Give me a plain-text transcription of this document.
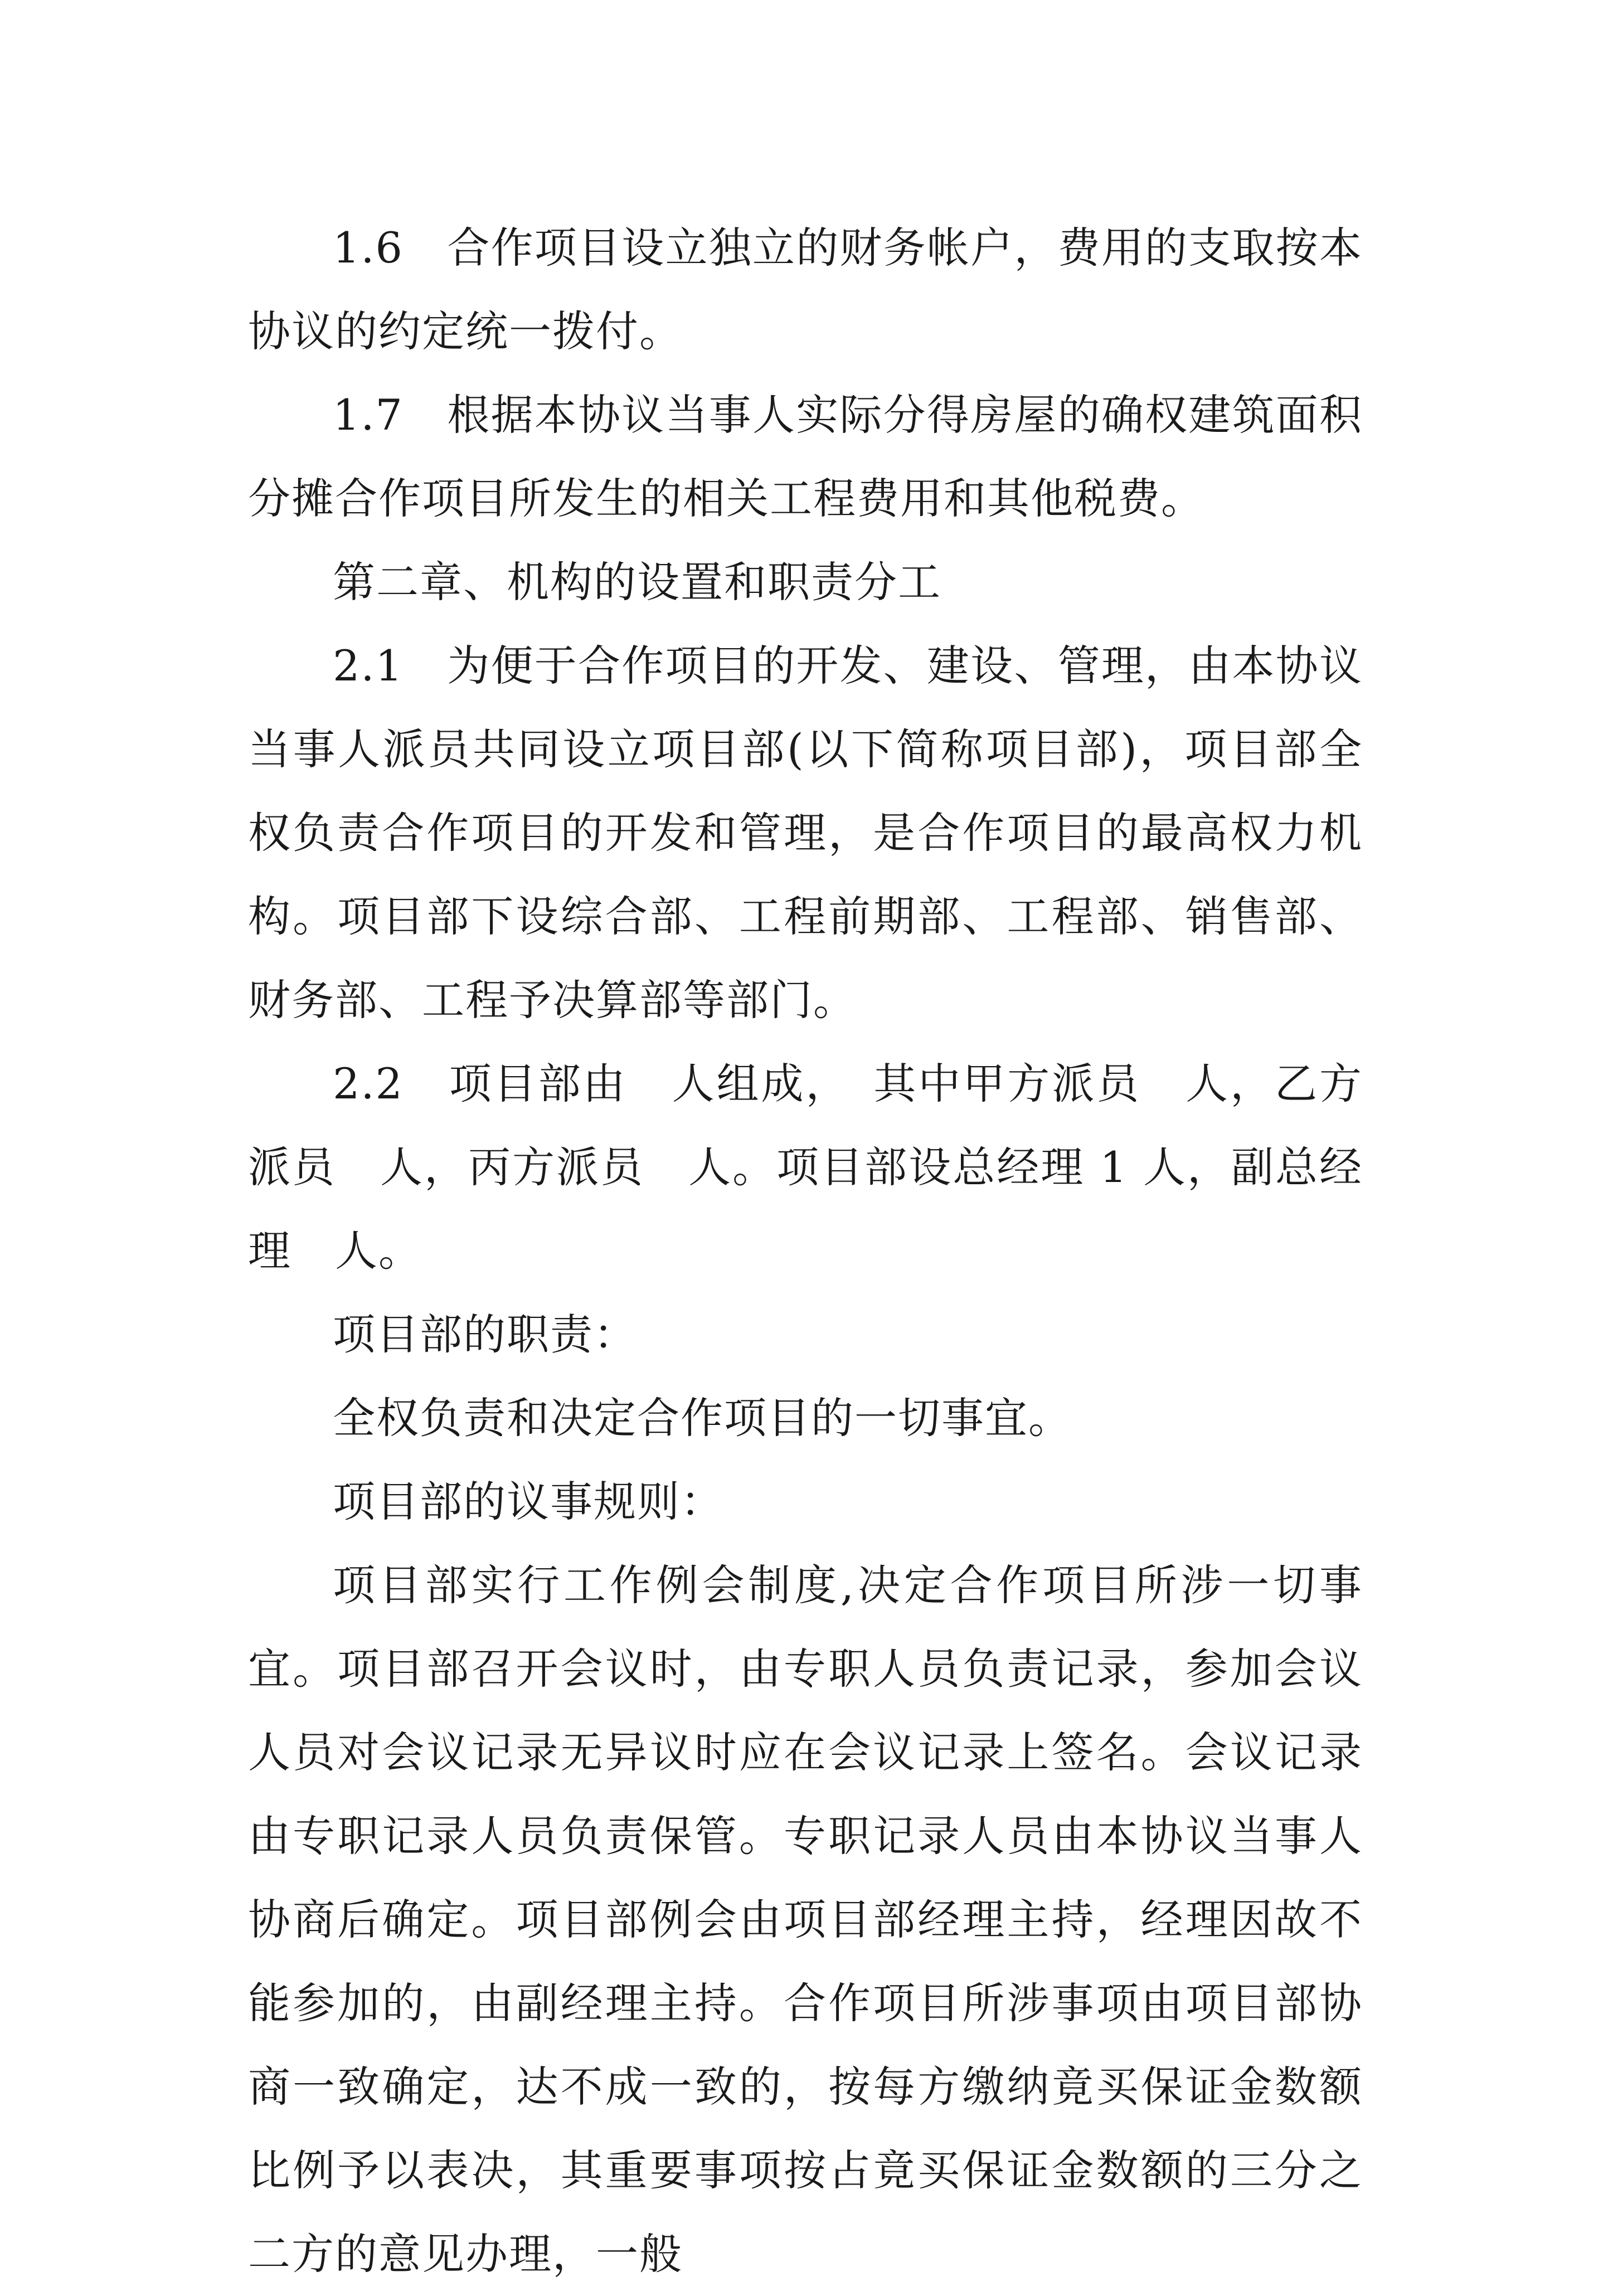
1.6　合作项目设立独立的财务帐户，费用的支取按本协议的约定统一拨付。

1.7　根据本协议当事人实际分得房屋的确权建筑面积分摊合作项目所发生的相关工程费用和其他税费。

第二章、机构的设置和职责分工

2.1　为便于合作项目的开发、建设、管理，由本协议当事人派员共同设立项目部(以下简称项目部)，项目部全权负责合作项目的开发和管理，是合作项目的最高权力机构。项目部下设综合部、工程前期部、工程部、销售部、财务部、工程予决算部等部门。

2.2　项目部由　人组成，　其中甲方派员　人，乙方派员　人，丙方派员　人。项目部设总经理 1 人，副总经理　人。

项目部的职责：

全权负责和决定合作项目的一切事宜。

项目部的议事规则：

项目部实行工作例会制度,决定合作项目所涉一切事宜。项目部召开会议时，由专职人员负责记录，参加会议人员对会议记录无异议时应在会议记录上签名。会议记录由专职记录人员负责保管。专职记录人员由本协议当事人协商后确定。项目部例会由项目部经理主持，经理因故不能参加的，由副经理主持。合作项目所涉事项由项目部协商一致确定，达不成一致的，按每方缴纳竟买保证金数额比例予以表决，其重要事项按占竟买保证金数额的三分之二方的意见办理，一般
